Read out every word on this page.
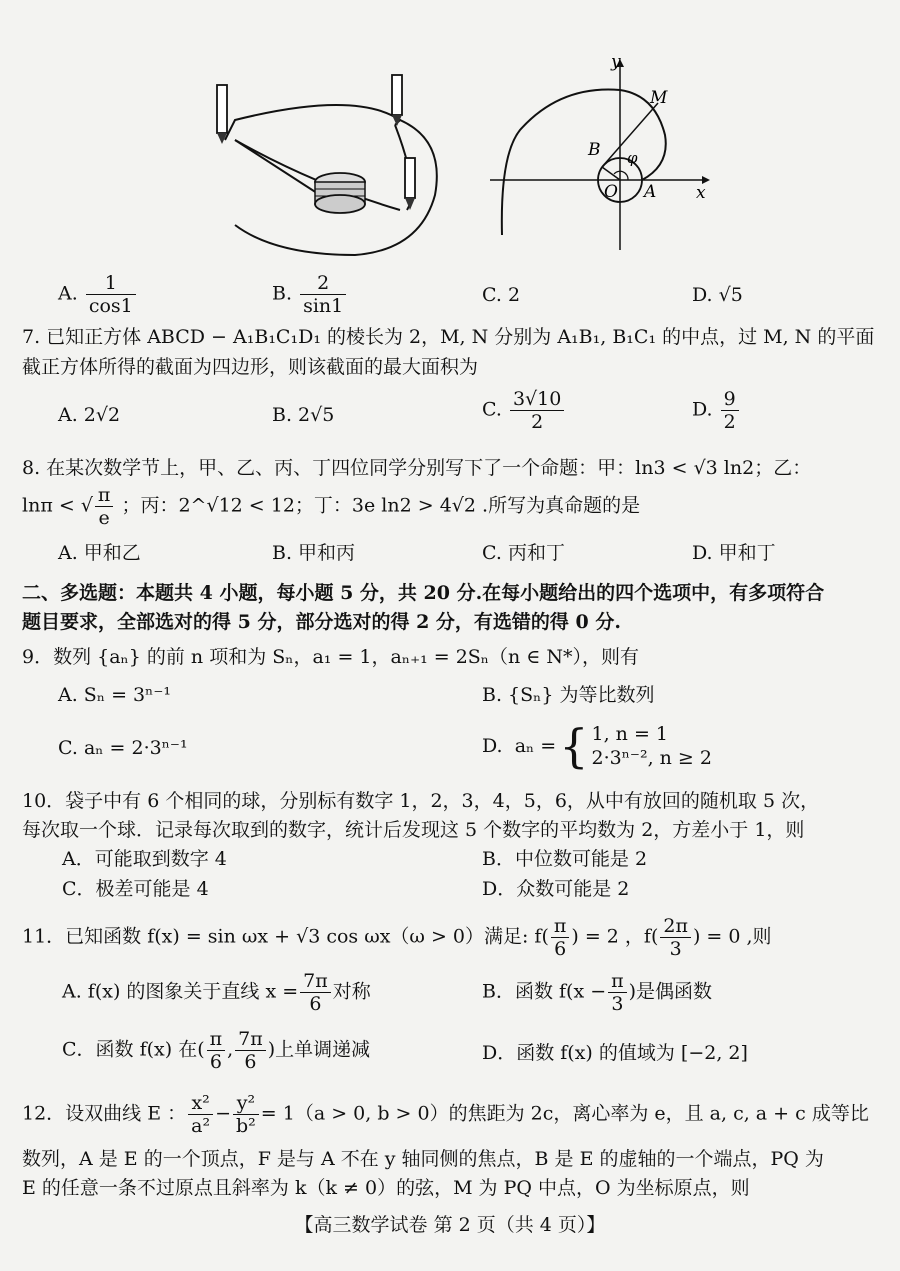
y
M
B φ
O A x
A. $\frac{1}{\cos 1}$	B. $\frac{2}{\sin 1}$	C. 2	D. √5
7. 已知正方体 ABCD − A₁B₁C₁D₁ 的棱长为 2，M, N 分别为 A₁B₁, B₁C₁ 的中点，过 M, N 的平面
截正方体所得的截面为四边形，则该截面的最大面积为
A. 2√2	B. 2√5	C. $\frac{3√10}{2}$	D. $\frac{9}{2}$
8. 在某次数学节上，甲、乙、丙、丁四位同学分别写下了一个命题：甲：ln3 < √3 ln2；乙：
lnπ < √ $\frac{\pi}{e}$ ；丙：2^√12 < 12；丁：3e ln2 > 4√2 .所写为真命题的是
A. 甲和乙	B. 甲和丙	C. 丙和丁	D. 甲和丁
二、多选题：本题共 4 小题，每小题 5 分，共 20 分.在每小题给出的四个选项中，有多项符合
题目要求，全部选对的得 5 分，部分选对的得 2 分，有选错的得 0 分.
9．数列 {aₙ} 的前 n 项和为 Sₙ，a₁ = 1，aₙ₊₁ = 2Sₙ（n ∈ N*），则有
A. Sₙ = 3ⁿ⁻¹	B. {Sₙ} 为等比数列
C. aₙ = 2·3ⁿ⁻¹	D.
aₙ = { 1, n = 1
2·3ⁿ⁻², n ≥ 2
10．袋子中有 6 个相同的球，分别标有数字 1，2，3，4，5，6，从中有放回的随机取 5 次，
每次取一个球．记录每次取到的数字，统计后发现这 5 个数字的平均数为 2，方差小于 1，则
A．可能取到数字 4	B．中位数可能是 2
C．极差可能是 4	D．众数可能是 2
11．已知函数 f(x) = sin ωx + √3 cos ωx（ω > 0）满足: $f( \frac{\pi}{6}$ ) = 2 ，$f( \frac{2\pi}{3}$ ) = 0 ,则
A. f(x) 的图象关于直线 $x = \frac{7\pi}{6}$ 对称	B．函数 $f(x - \frac{\pi}{3}$ )是偶函数
C．函数 f(x) 在( $\frac{\pi}{6}$ , $\frac{7\pi}{6}$ )上单调递减	D．函数 f(x) 的值域为 [−2, 2]
12．设双曲线 E ： $\frac{\text{x²}}{\text{a²}} - \frac{\text{y²}}{\text{b²}} = 1(a > 0$, b > 0）的焦距为 2c，离心率为 e，且 a, c, a + c 成等比
数列，A 是 E 的一个顶点，F 是与 A 不在 y 轴同侧的焦点，B 是 E 的虚轴的一个端点，PQ 为
E 的任意一条不过原点且斜率为 k（k ≠ 0）的弦，M 为 PQ 中点，O 为坐标原点，则
【高三数学试卷 第 2 页（共 4 页）】
